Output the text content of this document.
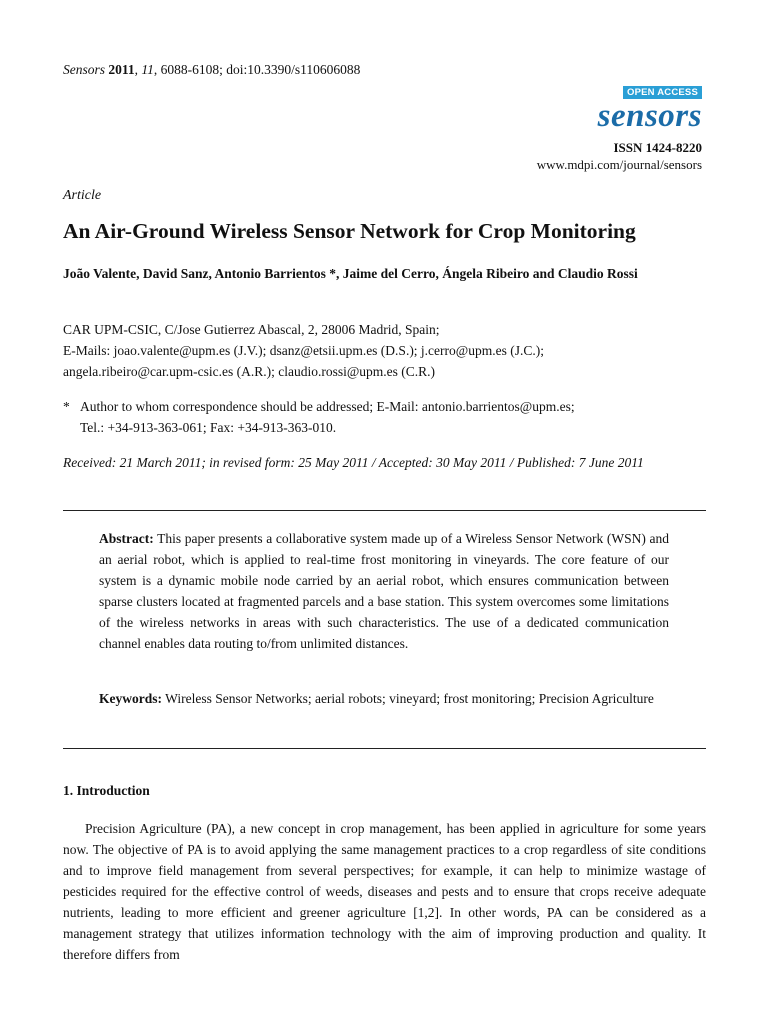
Sensors 2011, 11, 6088-6108; doi:10.3390/s110606088
OPEN ACCESS
sensors
ISSN 1424-8220
www.mdpi.com/journal/sensors
Article
An Air-Ground Wireless Sensor Network for Crop Monitoring
João Valente, David Sanz, Antonio Barrientos *, Jaime del Cerro, Ángela Ribeiro and Claudio Rossi
CAR UPM-CSIC, C/Jose Gutierrez Abascal, 2, 28006 Madrid, Spain;
E-Mails: joao.valente@upm.es (J.V.); dsanz@etsii.upm.es (D.S.); j.cerro@upm.es (J.C.);
angela.ribeiro@car.upm-csic.es (A.R.); claudio.rossi@upm.es (C.R.)
* Author to whom correspondence should be addressed; E-Mail: antonio.barrientos@upm.es;
Tel.: +34-913-363-061; Fax: +34-913-363-010.
Received: 21 March 2011; in revised form: 25 May 2011 / Accepted: 30 May 2011 / Published: 7 June 2011
Abstract: This paper presents a collaborative system made up of a Wireless Sensor Network (WSN) and an aerial robot, which is applied to real-time frost monitoring in vineyards. The core feature of our system is a dynamic mobile node carried by an aerial robot, which ensures communication between sparse clusters located at fragmented parcels and a base station. This system overcomes some limitations of the wireless networks in areas with such characteristics. The use of a dedicated communication channel enables data routing to/from unlimited distances.
Keywords: Wireless Sensor Networks; aerial robots; vineyard; frost monitoring; Precision Agriculture
1. Introduction
Precision Agriculture (PA), a new concept in crop management, has been applied in agriculture for some years now. The objective of PA is to avoid applying the same management practices to a crop regardless of site conditions and to improve field management from several perspectives; for example, it can help to minimize wastage of pesticides required for the effective control of weeds, diseases and pests and to ensure that crops receive adequate nutrients, leading to more efficient and greener agriculture [1,2]. In other words, PA can be considered as a management strategy that utilizes information technology with the aim of improving production and quality. It therefore differs from
